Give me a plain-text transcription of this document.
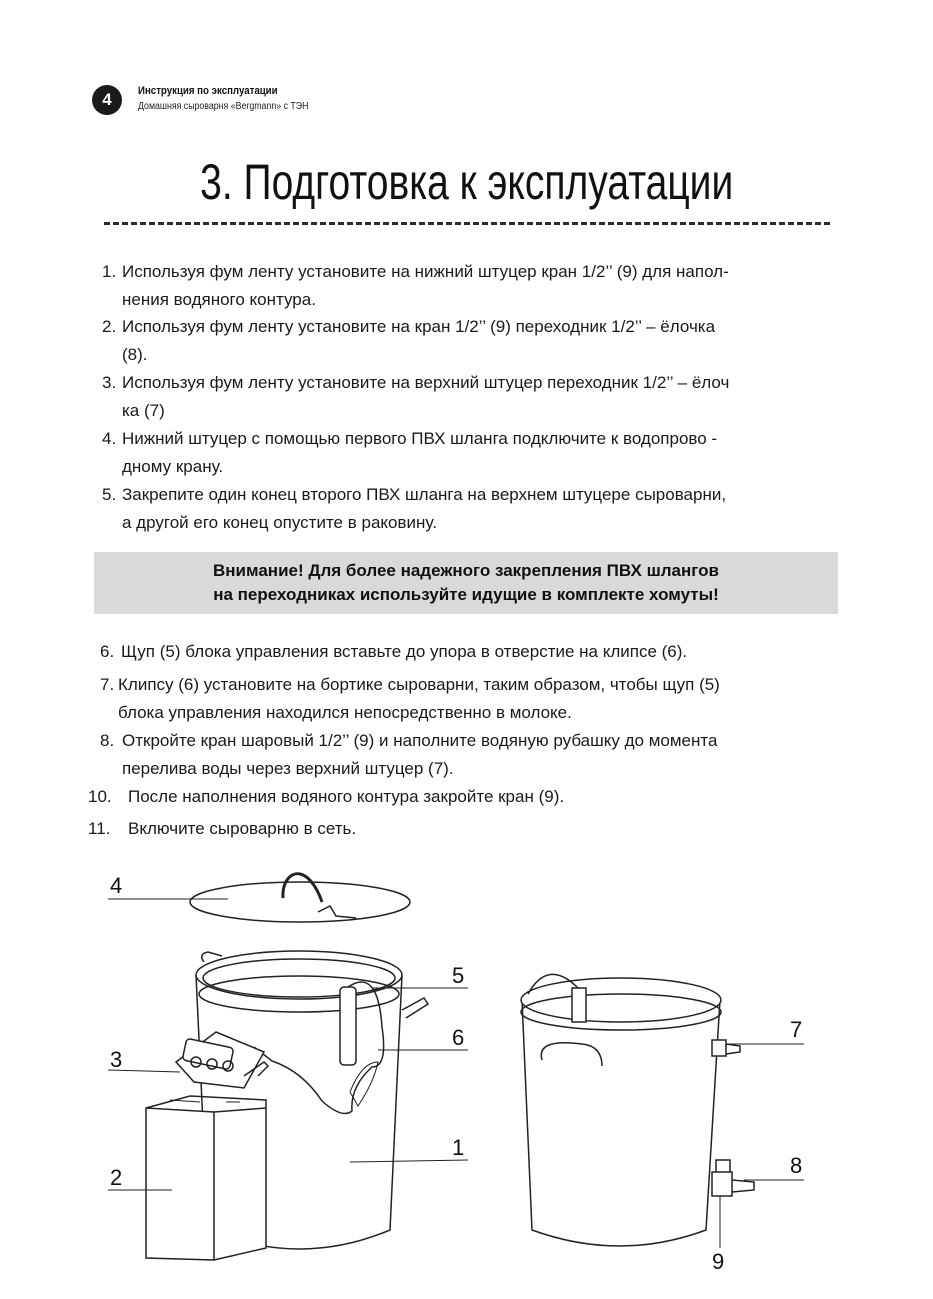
4	Инструкция по эксплуатации
Домашняя сыроварня «Bergmann» с ТЭН
3. Подготовка к эксплуатации
1. Используя фум ленту установите на нижний штуцер кран 1/2’’ (9) для напол-
нения водяного контура.
2. Используя фум ленту установите на кран 1/2’’ (9) переходник 1/2’’ – ёлочка
(8).
3. Используя фум ленту установите на верхний штуцер переходник 1/2’’ – ёлоч
ка (7)
4. Нижний штуцер с помощью первого ПВХ шланга подключите к водопрово -
дному крану.
5. Закрепите один конец второго ПВХ шланга на верхнем штуцере сыроварни,
а другой его конец опустите в раковину.
Внимание! Для более надежного закрепления ПВХ шлангов
на переходниках используйте идущие в комплекте хомуты!
6. Щуп (5) блока управления вставьте до упора в отверстие на клипсе (6).
7. Клипсу (6) установите на бортике сыроварни, таким образом, чтобы щуп (5)
блока управления находился непосредственно в молоке.
8. Откройте кран шаровый 1/2’’ (9) и наполните водяную рубашку до момента
перелива воды через верхний штуцер (7).
10. После наполнения водяного контура закройте кран (9).
11.	Включите сыроварню в сеть.
4
5
6
3
1
2
7
8
9
